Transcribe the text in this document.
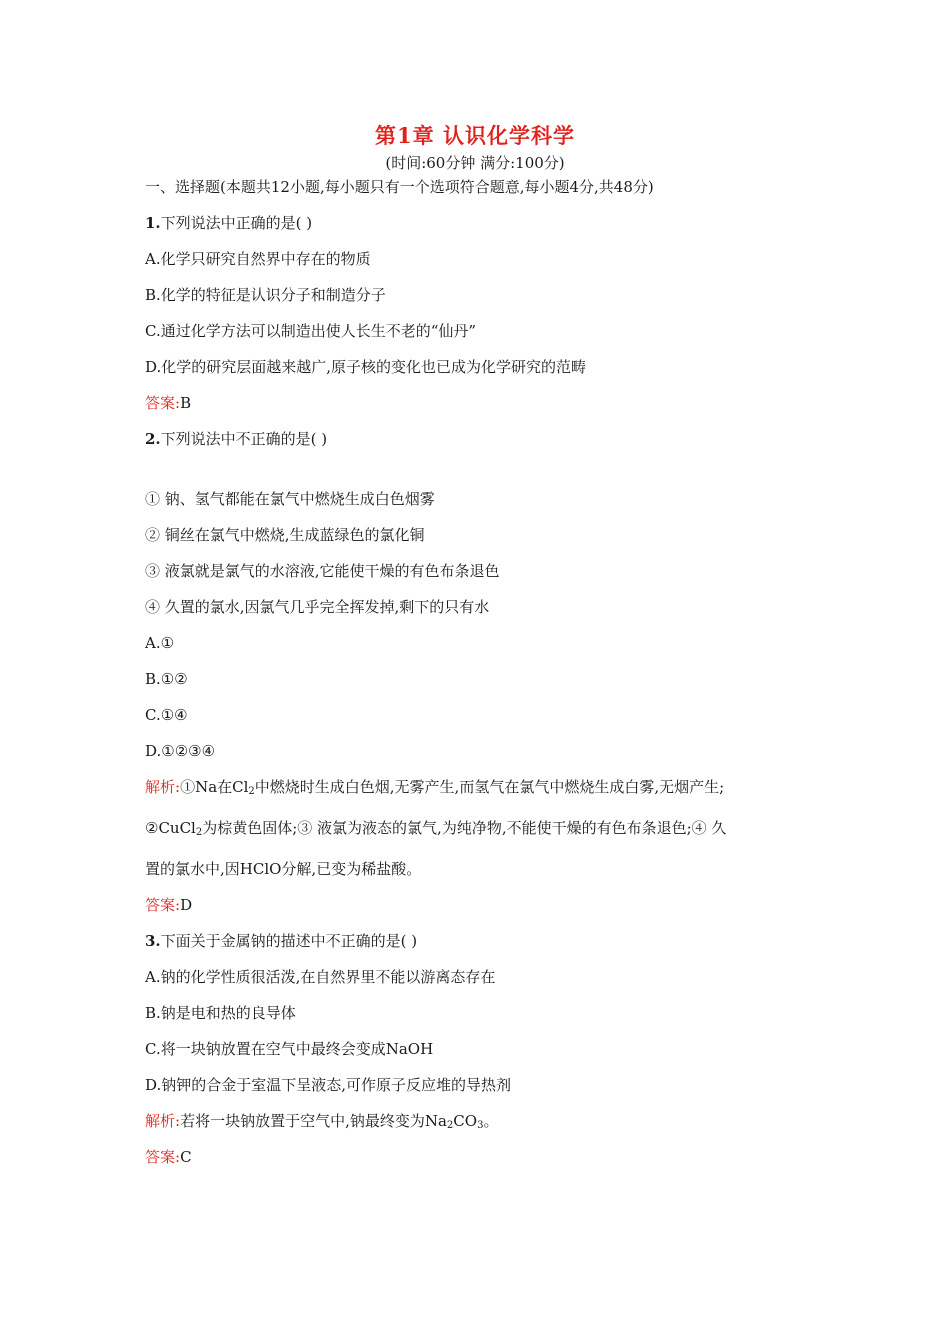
第1章 认识化学科学
(时间:60分钟 满分:100分)
一、选择题(本题共12小题,每小题只有一个选项符合题意,每小题4分,共48分)
1.下列说法中正确的是( )
A.化学只研究自然界中存在的物质
B.化学的特征是认识分子和制造分子
C.通过化学方法可以制造出使人长生不老的“仙丹”
D.化学的研究层面越来越广,原子核的变化也已成为化学研究的范畴
答案:B
2.下列说法中不正确的是( )
① 钠、氢气都能在氯气中燃烧生成白色烟雾
② 铜丝在氯气中燃烧,生成蓝绿色的氯化铜
③ 液氯就是氯气的水溶液,它能使干燥的有色布条退色
④ 久置的氯水,因氯气几乎完全挥发掉,剩下的只有水
A.①
B.①②
C.①④
D.①②③④
解析:①Na在$Cl_2$中燃烧时生成白色烟,无雾产生,而氢气在氯气中燃烧生成白雾,无烟产生;
②CuCl$_2$为棕黄色固体;③ 液氯为液态的氯气,为纯净物,不能使干燥的有色布条退色;④ 久
置的氯水中,因HClO分解,已变为稀盐酸。
答案:D
3.下面关于金属钠的描述中不正确的是( )
A.钠的化学性质很活泼,在自然界里不能以游离态存在
B.钠是电和热的良导体
C.将一块钠放置在空气中最终会变成NaOH
D.钠钾的合金于室温下呈液态,可作原子反应堆的导热剂
解析:若将一块钠放置于空气中,钠最终变为$Na_2CO_3$。
答案:C
